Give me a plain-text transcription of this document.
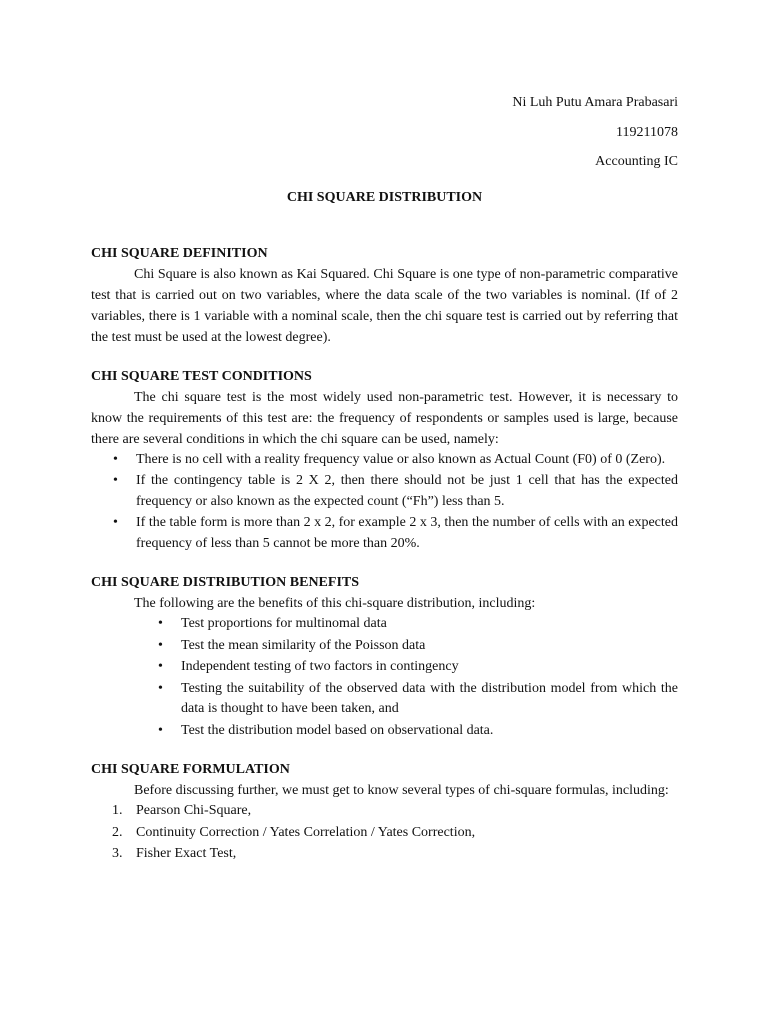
Ni Luh Putu Amara Prabasari
119211078
Accounting IC
CHI SQUARE DISTRIBUTION
CHI SQUARE DEFINITION

Chi Square is also known as Kai Squared. Chi Square is one type of non-parametric comparative test that is carried out on two variables, where the data scale of the two variables is nominal. (If of 2 variables, there is 1 variable with a nominal scale, then the chi square test is carried out by referring that the test must be used at the lowest degree).

CHI SQUARE TEST CONDITIONS

The chi square test is the most widely used non-parametric test. However, it is necessary to know the requirements of this test are: the frequency of respondents or samples used is large, because there are several conditions in which the chi square can be used, namely:

• There is no cell with a reality frequency value or also known as Actual Count (F0) of 0 (Zero).
• If the contingency table is 2 X 2, then there should not be just 1 cell that has the expected frequency or also known as the expected count (“Fh”) less than 5.
• If the table form is more than 2 x 2, for example 2 x 3, then the number of cells with an expected frequency of less than 5 cannot be more than 20%.
CHI SQUARE DISTRIBUTION BENEFITS

The following are the benefits of this chi-square distribution, including:

• Test proportions for multinomal data
• Test the mean similarity of the Poisson data
• Independent testing of two factors in contingency
• Testing the suitability of the observed data with the distribution model from which the data is thought to have been taken, and
• Test the distribution model based on observational data.
CHI SQUARE FORMULATION

Before discussing further, we must get to know several types of chi-square formulas, including:

1. Pearson Chi-Square,
2. Continuity Correction / Yates Correlation / Yates Correction,
3. Fisher Exact Test,
